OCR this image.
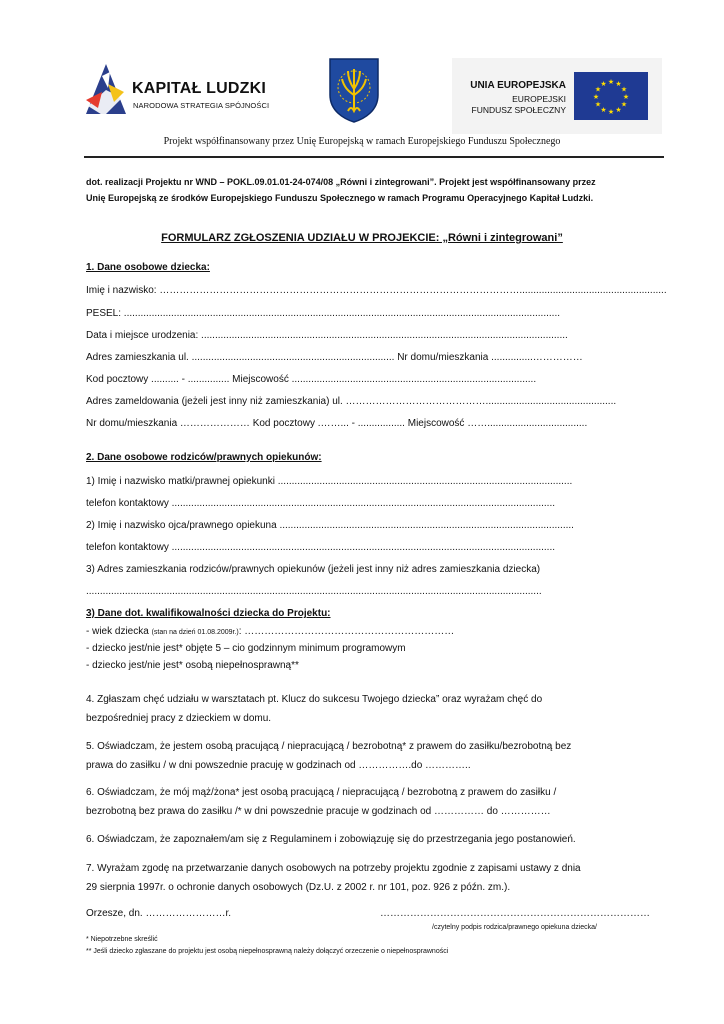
KAPITAŁ LUDZKI
NARODOWA STRATEGIA SPÓJNOŚCI
UNIA EUROPEJSKA
EUROPEJSKI
FUNDUSZ SPOŁECZNY
★ ★
★
★
★
★
★
★
★
★
★
★
Projekt współfinansowany przez Unię Europejską w ramach Europejskiego Funduszu Społecznego
dot. realizacji Projektu nr WND – POKL.09.01.01-24-074/08 „Równi i zintegrowani”. Projekt jest współfinansowany przez
Unię Europejską ze środków Europejskiego Funduszu Społecznego w ramach Programu Operacyjnego Kapitał Ludzki.
FORMULARZ ZGŁOSZENIA UDZIAŁU W PROJEKCIE: „Równi i zintegrowani”
1. Dane osobowe dziecka:
Imię i nazwisko: ……………………………………………………………………………………………….....................................................
PESEL: .............................................................................................................................................................
Data i miejsce urodzenia: ....................................................................................................................................
Adres zamieszkania ul. ......................................................................... Nr domu/mieszkania ...............……………
Kod pocztowy .......... - ............... Miejscowość ........................................................................................
Adres zameldowania (jeżeli jest inny niż zamieszkania) ul. ……………………………………...............................................
Nr domu/mieszkania ………………… Kod pocztowy .……... - ................. Miejscowość ……....................................
2. Dane osobowe rodziców/prawnych opiekunów:
1) Imię i nazwisko matki/prawnej opiekunki ..........................................................................................................
telefon kontaktowy ..........................................................................................................................................
2) Imię i nazwisko ojca/prawnego opiekuna ..........................................................................................................
telefon kontaktowy ..........................................................................................................................................
3) Adres zamieszkania rodziców/prawnych opiekunów (jeżeli jest inny niż adres zamieszkania dziecka)
....................................................................................................................................................................
3) Dane dot. kwalifikowalności dziecka do Projektu:
- wiek dziecka (stan na dzień 01.08.2009r.): ………………………………………………………
- dziecko jest/nie jest* objęte 5 – cio godzinnym minimum programowym
- dziecko jest/nie jest* osobą niepełnosprawną**
4. Zgłaszam chęć udziału w warsztatach pt. Klucz do sukcesu Twojego dziecka” oraz wyrażam chęć do
bezpośredniej pracy z dzieckiem w domu.
5. Oświadczam, że jestem osobą pracującą / niepracującą / bezrobotną* z prawem do zasiłku/bezrobotną bez
prawa do zasiłku / w dni powszednie pracuję w godzinach od …………….do …………..
6. Oświadczam, że mój mąż/żona* jest osobą pracującą / niepracującą / bezrobotną z prawem do zasiłku /
bezrobotną bez prawa do zasiłku /* w dni powszednie pracuje w godzinach od …………… do ……………
6. Oświadczam, że zapoznałem/am się z Regulaminem i zobowiązuję się do przestrzegania jego postanowień.
7. Wyrażam zgodę na przetwarzanie danych osobowych na potrzeby projektu zgodnie z zapisami ustawy z dnia
29 sierpnia 1997r. o ochronie danych osobowych (Dz.U. z 2002 r. nr 101, poz. 926 z późn. zm.).
Orzesze, dn. ……………………r.	………………………………………………………………………
/czytelny podpis rodzica/prawnego opiekuna dziecka/
* Niepotrzebne skreślić
** Jeśli dziecko zgłaszane do projektu jest osobą niepełnosprawną należy dołączyć orzeczenie o niepełnosprawności
